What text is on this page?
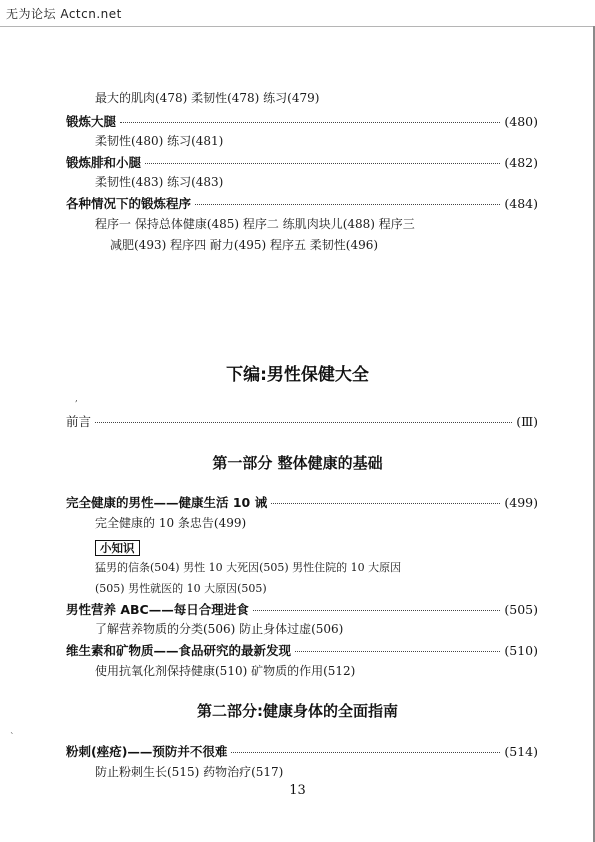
无为论坛 Actcn.net
最大的肌肉(478) 柔韧性(478) 练习(479)
锻炼大腿	(480)
柔韧性(480) 练习(481)
锻炼腓和小腿	(482)
柔韧性(483) 练习(483)
各种情况下的锻炼程序	(484)
程序一 保持总体健康(485) 程序二 练肌肉块儿(488) 程序三
减肥(493) 程序四 耐力(495) 程序五 柔韧性(496)
下编:男性保健大全
,
前言	(Ⅲ)
第一部分 整体健康的基础
完全健康的男性——健康生活 10 诫	(499)
完全健康的 10 条忠告(499)
小知识
猛男的信条(504) 男性 10 大死因(505) 男性住院的 10 大原因
(505) 男性就医的 10 大原因(505)
男性营养 ABC——每日合理进食	(505)
了解营养物质的分类(506) 防止身体过虚(506)
维生素和矿物质——食品研究的最新发现	(510)
使用抗氧化剂保持健康(510) 矿物质的作用(512)
第二部分:健康身体的全面指南
`
粉刺(痤疮)——预防并不很难	(514)
防止粉刺生长(515) 药物治疗(517)
13
